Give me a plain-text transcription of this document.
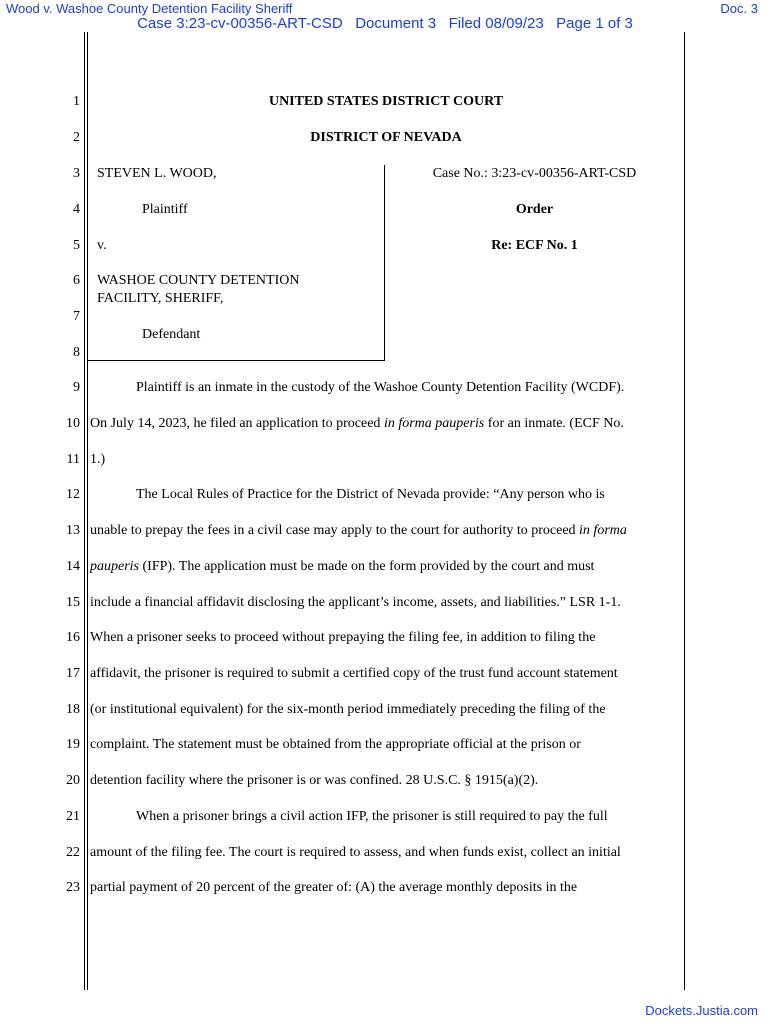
Wood v. Washoe County Detention Facility Sheriff	Doc. 3
Case 3:23-cv-00356-ART-CSD   Document 3   Filed 08/09/23   Page 1 of 3
Dockets.Justia.com
1
2
3
4
5
6
7
8
9
10
11
12
13
14
15
16
17
18
19
20
21
22
23
UNITED STATES DISTRICT COURT
DISTRICT OF NEVADA
STEVEN L. WOOD,
Plaintiff
v.
WASHOE COUNTY DETENTION
FACILITY, SHERIFF,
Defendant
Case No.: 3:23-cv-00356-ART-CSD
Order
Re: ECF No. 1
Plaintiff is an inmate in the custody of the Washoe County Detention Facility (WCDF).
On July 14, 2023, he filed an application to proceed in forma pauperis for an inmate. (ECF No.
1.)
The Local Rules of Practice for the District of Nevada provide: “Any person who is
unable to prepay the fees in a civil case may apply to the court for authority to proceed in forma
pauperis (IFP). The application must be made on the form provided by the court and must
include a financial affidavit disclosing the applicant’s income, assets, and liabilities.” LSR 1-1.
When a prisoner seeks to proceed without prepaying the filing fee, in addition to filing the
affidavit, the prisoner is required to submit a certified copy of the trust fund account statement
(or institutional equivalent) for the six-month period immediately preceding the filing of the
complaint. The statement must be obtained from the appropriate official at the prison or
detention facility where the prisoner is or was confined. 28 U.S.C. § 1915(a)(2).
When a prisoner brings a civil action IFP, the prisoner is still required to pay the full
amount of the filing fee. The court is required to assess, and when funds exist, collect an initial
partial payment of 20 percent of the greater of: (A) the average monthly deposits in the
